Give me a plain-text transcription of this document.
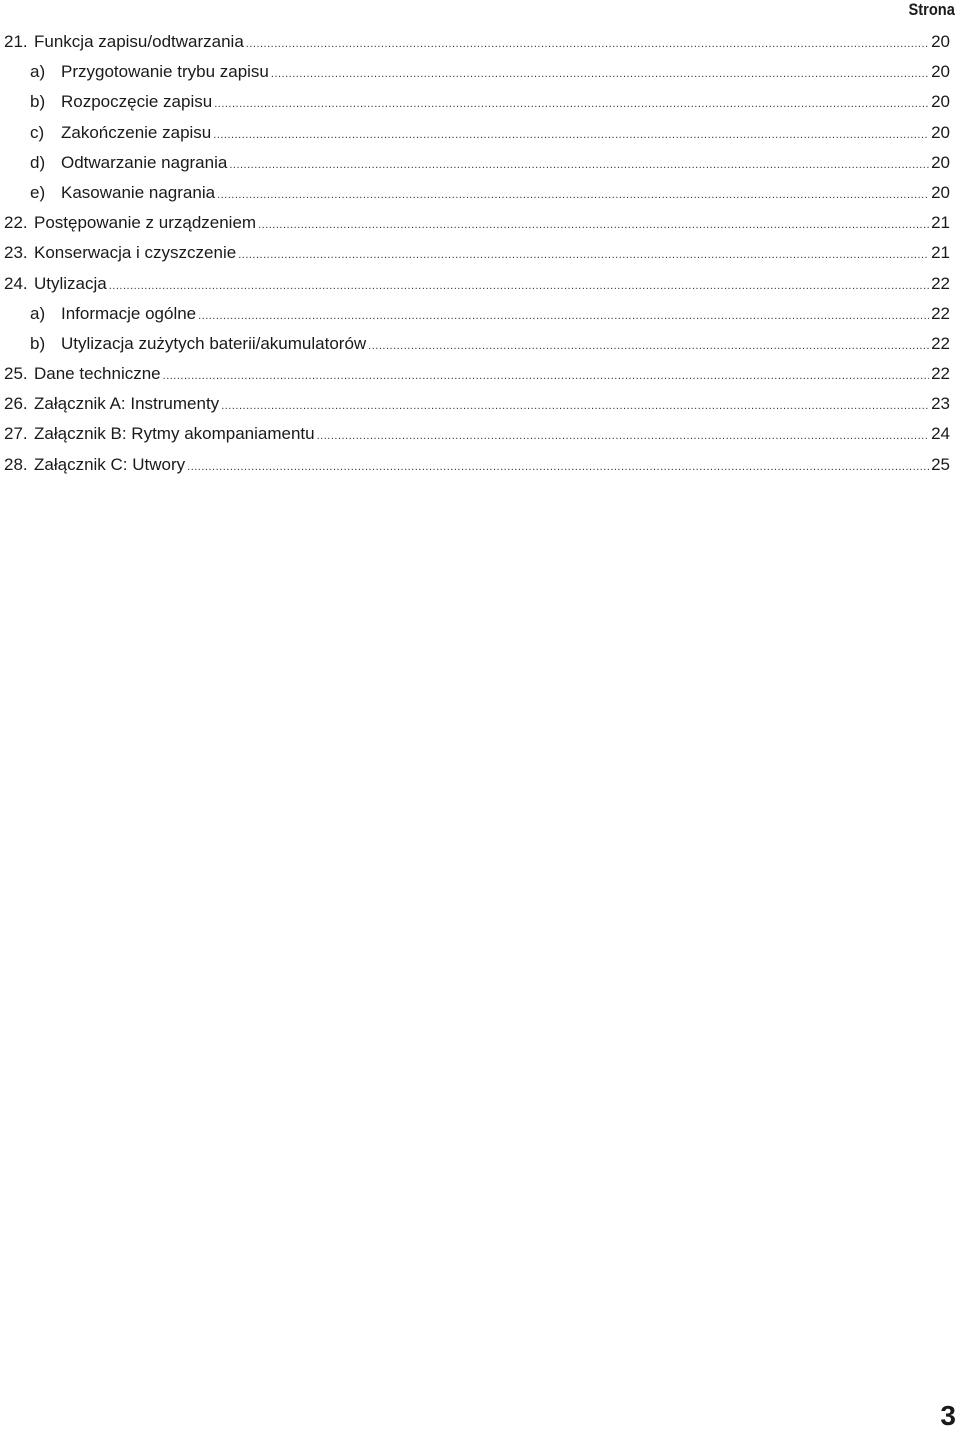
Strona
21. Funkcja zapisu/odtwarzania .....	20
a) Przygotowanie trybu zapisu .....	20
b) Rozpoczęcie zapisu .....	20
c) Zakończenie zapisu .....	20
d) Odtwarzanie nagrania .....	20
e) Kasowanie nagrania .....	20
22. Postępowanie z urządzeniem .....	21
23. Konserwacja i czyszczenie .....	21
24. Utylizacja .....	22
a) Informacje ogólne .....	22
b) Utylizacja zużytych baterii/akumulatorów .....	22
25. Dane techniczne .....	22
26. Załącznik A: Instrumenty .....	23
27. Załącznik B: Rytmy akompaniamentu .....	24
28. Załącznik C: Utwory .....	25
3
